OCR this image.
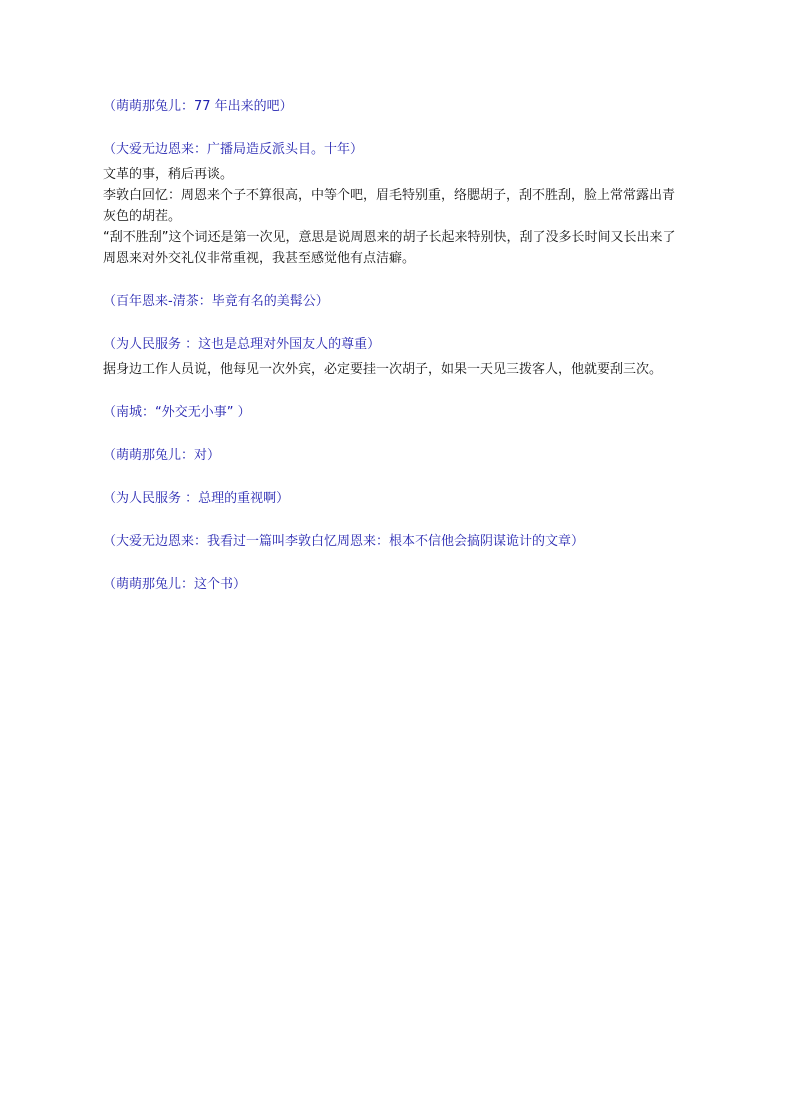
（萌萌那兔儿：77 年出来的吧）

（大爱无边恩来：广播局造反派头目。十年）

文革的事，稍后再谈。

李敦白回忆：周恩来个子不算很高，中等个吧，眉毛特别重，络腮胡子，刮不胜刮，脸上常常露出青灰色的胡茬。

“刮不胜刮”这个词还是第一次见，意思是说周恩来的胡子长起来特别快，刮了没多长时间又长出来了

周恩来对外交礼仪非常重视，我甚至感觉他有点洁癖。

（百年恩来-清茶：毕竟有名的美髯公）

（为人民服务 ：这也是总理对外国友人的尊重）

据身边工作人员说，他每见一次外宾，必定要挂一次胡子，如果一天见三拨客人，他就要刮三次。

（南城：“外交无小事” ）

（萌萌那兔儿：对）

（为人民服务 ：总理的重视啊）

（大爱无边恩来：我看过一篇叫李敦白忆周恩来：根本不信他会搞阴谋诡计的文章）

（萌萌那兔儿：这个书）
